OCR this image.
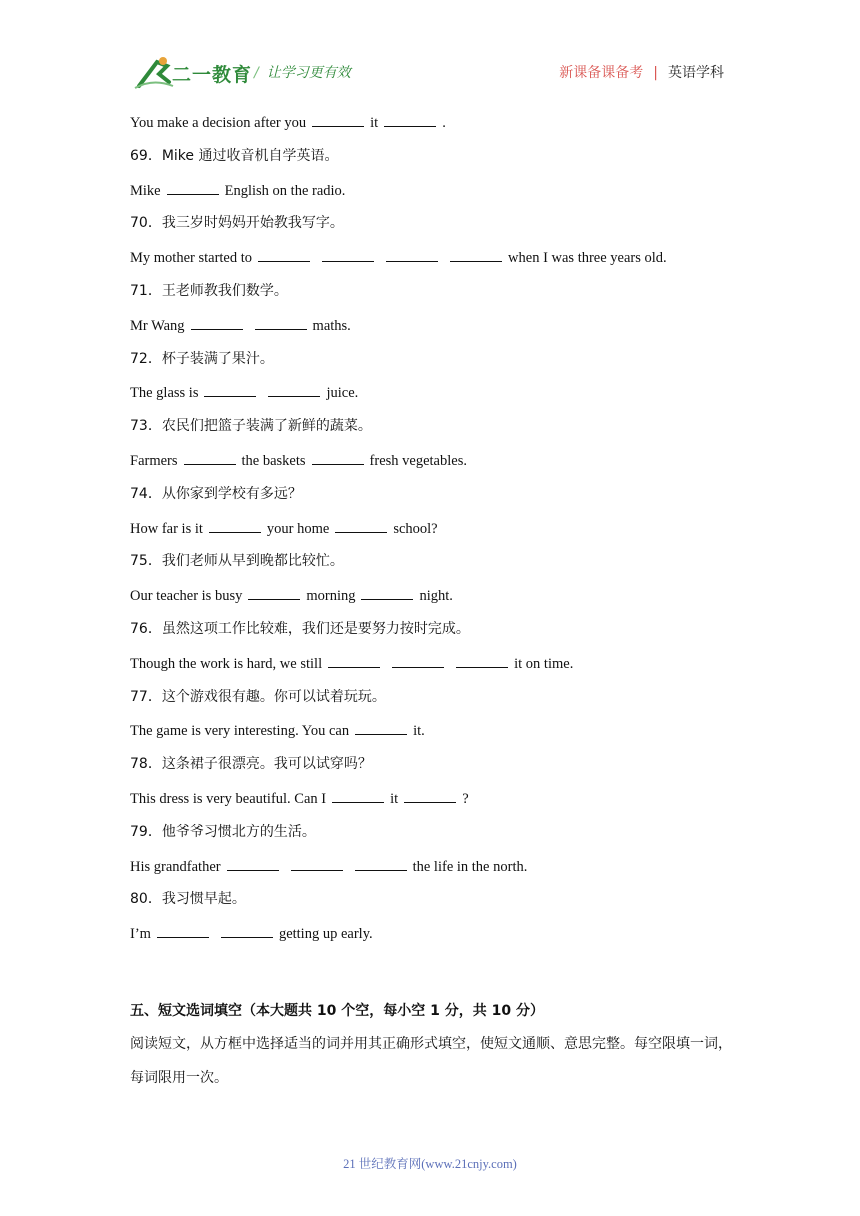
二一教育 / 让学习更有效	新课备课备考 | 英语学科
You make a decision after you	it	.
69．Mike 通过收音机自学英语。
Mike	English on the radio.
70．我三岁时妈妈开始教我写字。
My mother started to	when I was three years old.
71．王老师教我们数学。
Mr Wang	maths.
72．杯子装满了果汁。
The glass is	juice.
73．农民们把篮子装满了新鲜的蔬菜。
Farmers	the baskets	fresh vegetables.
74．从你家到学校有多远？
How far is it	your home	school?
75．我们老师从早到晚都比较忙。
Our teacher is busy	morning	night.
76．虽然这项工作比较难，我们还是要努力按时完成。
Though the work is hard, we still	it on time.
77．这个游戏很有趣。你可以试着玩玩。
The game is very interesting. You can	it.
78．这条裙子很漂亮。我可以试穿吗？
This dress is very beautiful. Can I	it	?
79．他爷爷习惯北方的生活。
His grandfather	the life in the north.
80．我习惯早起。
I’m	getting up early.
五、短文选词填空（本大题共 10 个空，每小空 1 分，共 10 分）
阅读短文，从方框中选择适当的词并用其正确形式填空，使短文通顺、意思完整。每空限填一词，每词限用一次。
21 世纪教育网(www.21cnjy.com)
